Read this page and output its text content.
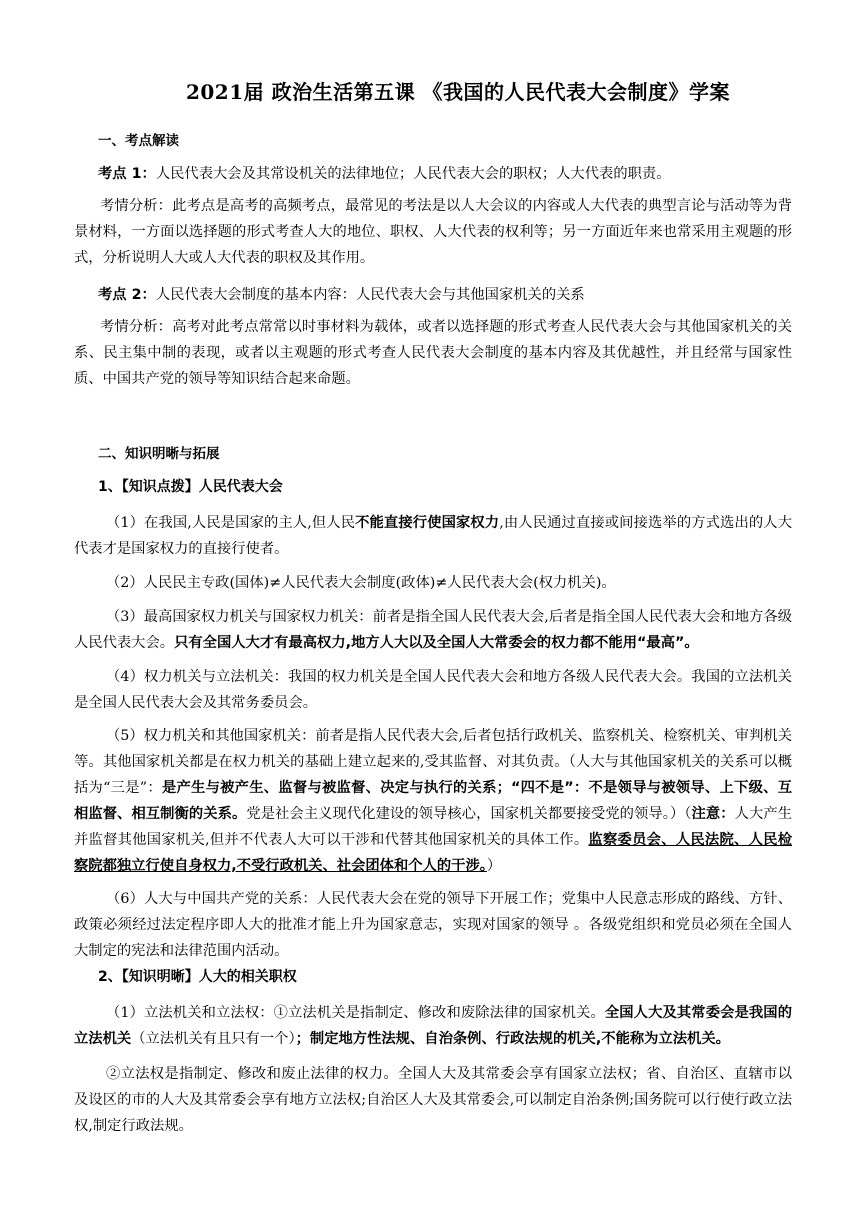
2021届 政治生活第五课 《我国的人民代表大会制度》学案
一、考点解读
考点 1：人民代表大会及其常设机关的法律地位；人民代表大会的职权；人大代表的职责。
考情分析：此考点是高考的高频考点，最常见的考法是以人大会议的内容或人大代表的典型言论与活动等为背景材料，一方面以选择题的形式考查人大的地位、职权、人大代表的权利等；另一方面近年来也常采用主观题的形式，分析说明人大或人大代表的职权及其作用。
考点 2：人民代表大会制度的基本内容：人民代表大会与其他国家机关的关系
考情分析：高考对此考点常常以时事材料为载体，或者以选择题的形式考查人民代表大会与其他国家机关的关系、民主集中制的表现，或者以主观题的形式考查人民代表大会制度的基本内容及其优越性，并且经常与国家性质、中国共产党的领导等知识结合起来命题。
二、知识明晰与拓展
1、【知识点拨】人民代表大会
（1）在我国,人民是国家的主人,但人民不能直接行使国家权力,由人民通过直接或间接选举的方式选出的人大代表才是国家权力的直接行使者。
（2）人民民主专政(国体)≠人民代表大会制度(政体)≠人民代表大会(权力机关)。
（3）最高国家权力机关与国家权力机关：前者是指全国人民代表大会,后者是指全国人民代表大会和地方各级人民代表大会。只有全国人大才有最高权力,地方人大以及全国人大常委会的权力都不能用“最高”。
（4）权力机关与立法机关：我国的权力机关是全国人民代表大会和地方各级人民代表大会。我国的立法机关是全国人民代表大会及其常务委员会。
（5）权力机关和其他国家机关：前者是指人民代表大会,后者包括行政机关、监察机关、检察机关、审判机关等。其他国家机关都是在权力机关的基础上建立起来的,受其监督、对其负责。（人大与其他国家机关的关系可以概括为“三是”：是产生与被产生、监督与被监督、决定与执行的关系；“四不是”：不是领导与被领导、上下级、互相监督、相互制衡的关系。党是社会主义现代化建设的领导核心，国家机关都要接受党的领导。）（注意：人大产生并监督其他国家机关,但并不代表人大可以干涉和代替其他国家机关的具体工作。监察委员会、人民法院、人民检察院都独立行使自身权力,不受行政机关、社会团体和个人的干涉。）
（6）人大与中国共产党的关系：人民代表大会在党的领导下开展工作；党集中人民意志形成的路线、方针、政策必须经过法定程序即人大的批准才能上升为国家意志，实现对国家的领导 。各级党组织和党员必须在全国人大制定的宪法和法律范围内活动。
2、【知识明晰】人大的相关职权
（1）立法机关和立法权：①立法机关是指制定、修改和废除法律的国家机关。全国人大及其常委会是我国的立法机关（立法机关有且只有一个）；制定地方性法规、自治条例、行政法规的机关,不能称为立法机关。
②立法权是指制定、修改和废止法律的权力。全国人大及其常委会享有国家立法权；省、自治区、直辖市以及设区的市的人大及其常委会享有地方立法权;自治区人大及其常委会,可以制定自治条例;国务院可以行使行政立法权,制定行政法规。
